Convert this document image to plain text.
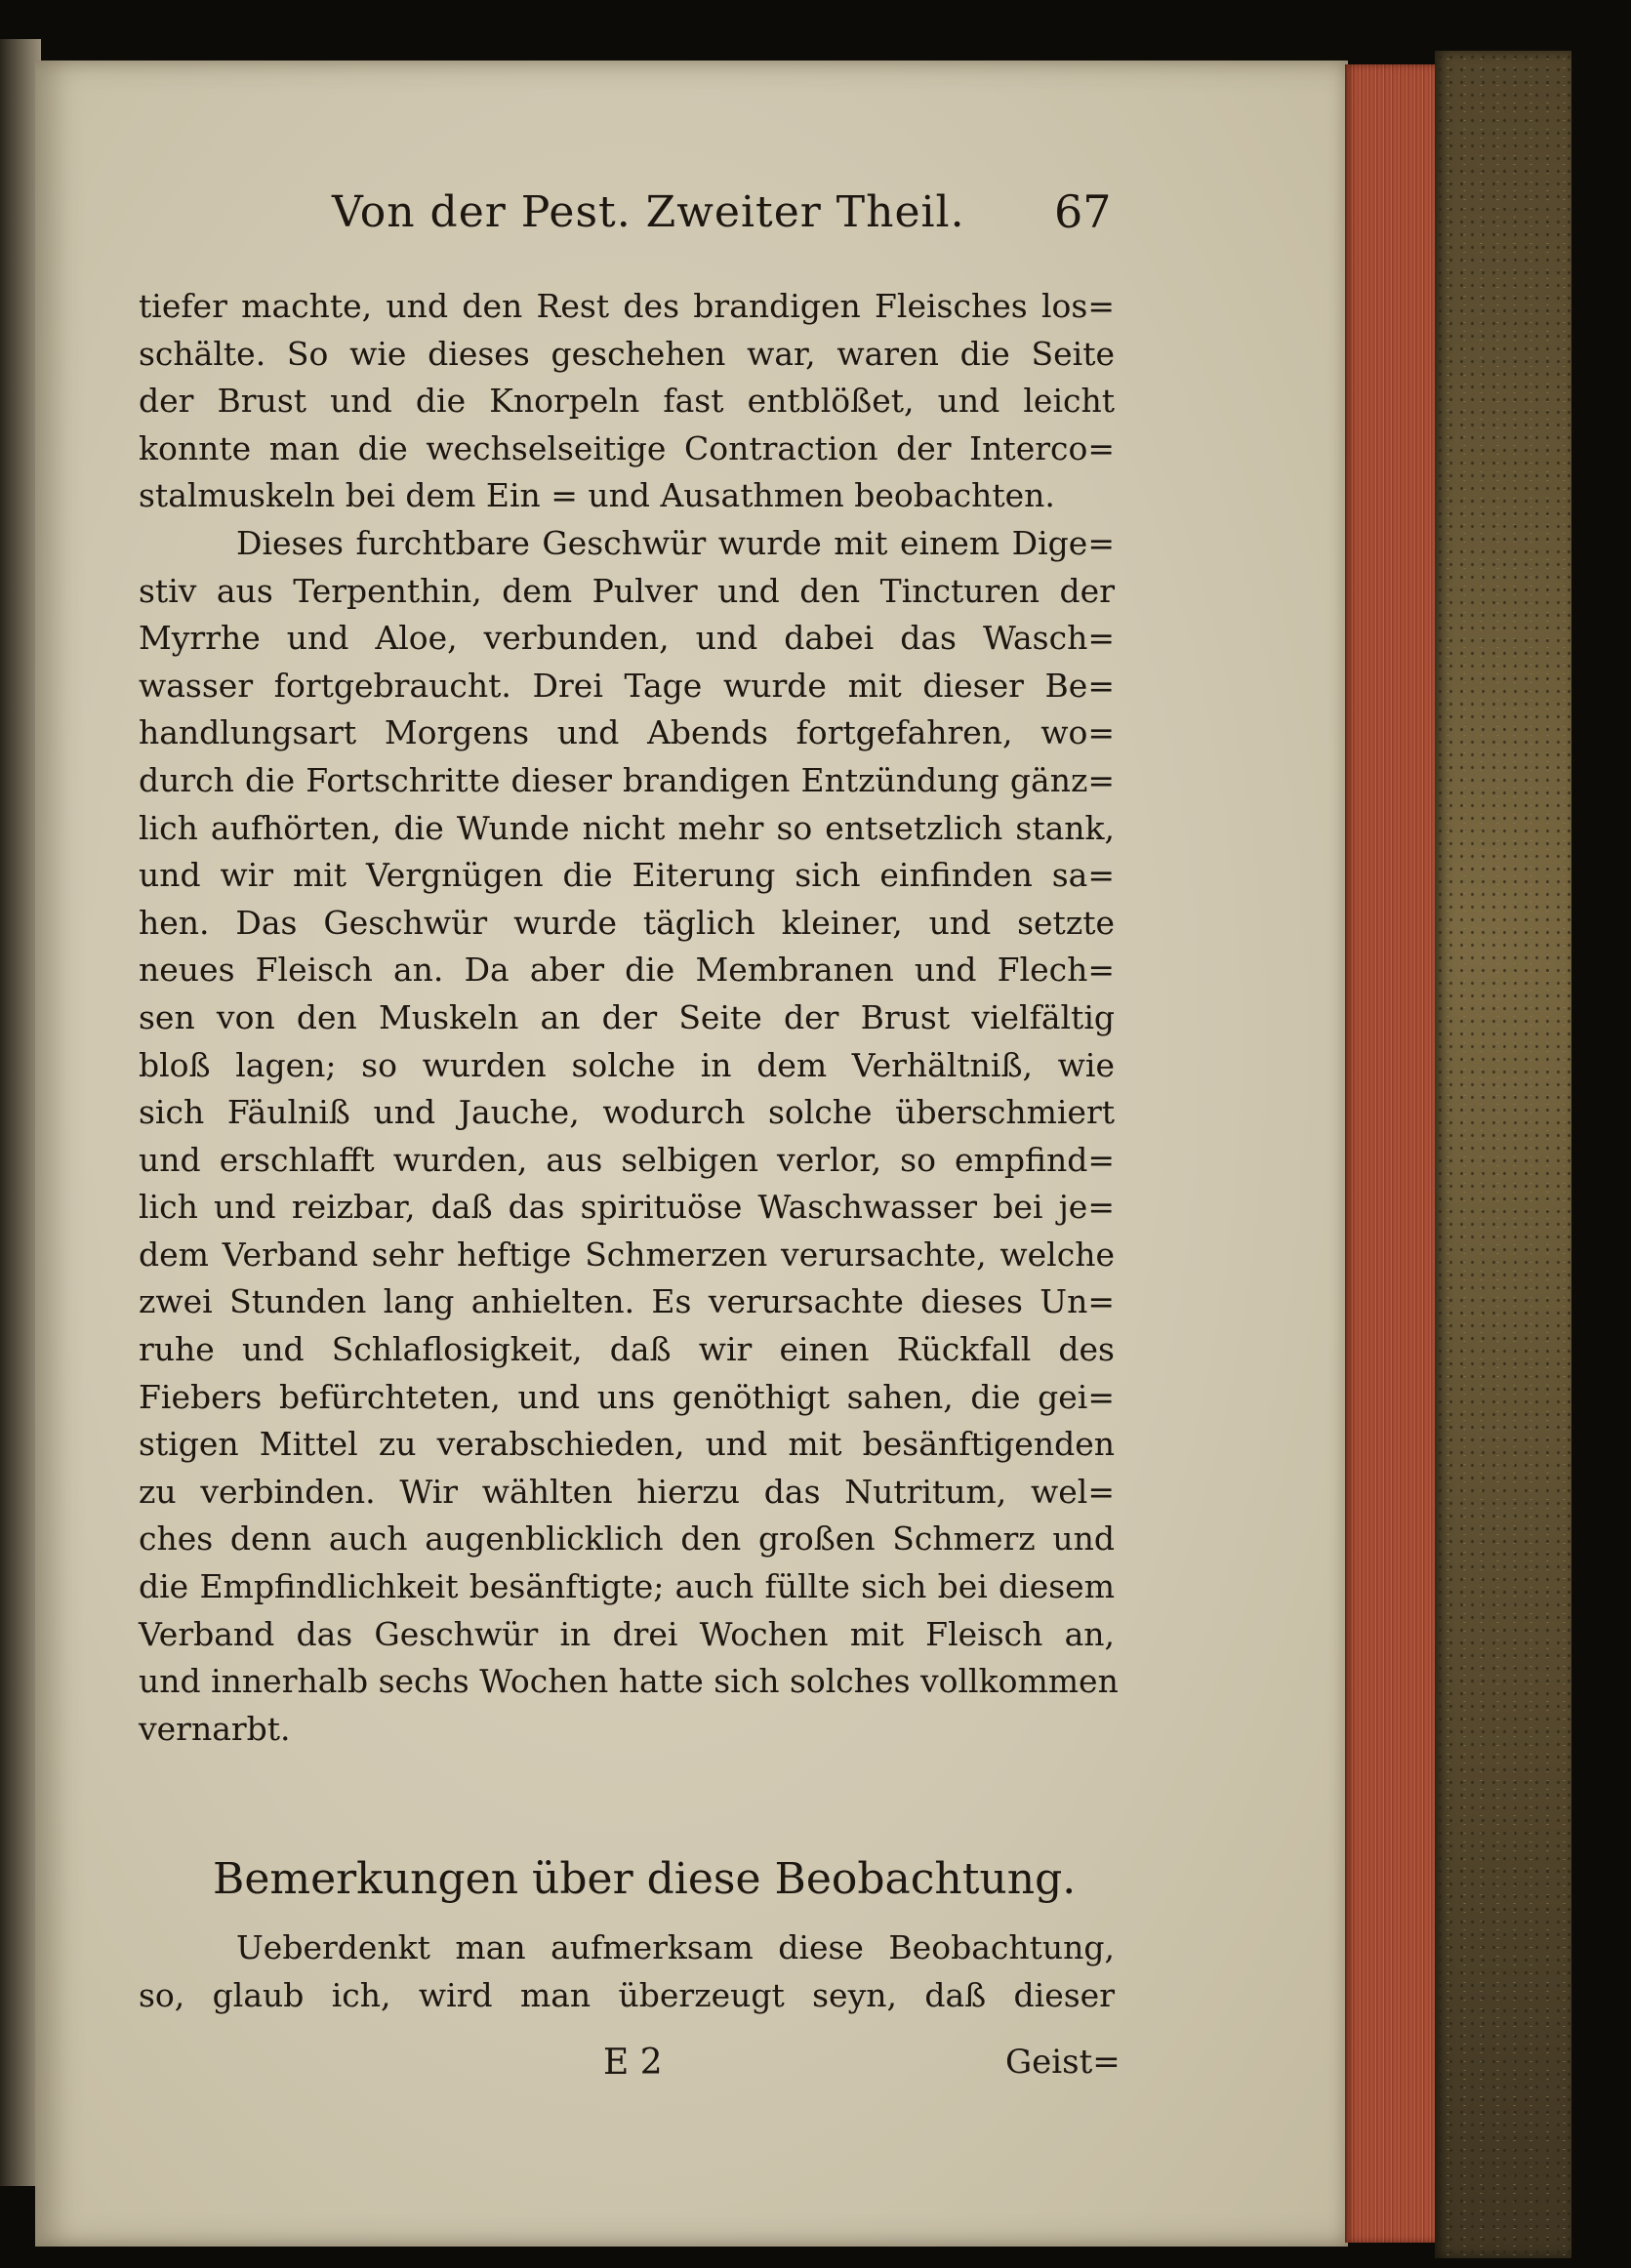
Von der Pest. Zweiter Theil. 67
tiefer machte, und den Rest des brandigen Fleisches los=
schälte. So wie dieses geschehen war, waren die Seite
der Brust und die Knorpeln fast entblößet, und leicht
konnte man die wechselseitige Contraction der Interco=
stalmuskeln bei dem Ein = und Ausathmen beobachten.
Dieses furchtbare Geschwür wurde mit einem Dige=
stiv aus Terpenthin, dem Pulver und den Tincturen der
Myrrhe und Aloe, verbunden, und dabei das Wasch=
wasser fortgebraucht. Drei Tage wurde mit dieser Be=
handlungsart Morgens und Abends fortgefahren, wo=
durch die Fortschritte dieser brandigen Entzündung gänz=
lich aufhörten, die Wunde nicht mehr so entsetzlich stank,
und wir mit Vergnügen die Eiterung sich einfinden sa=
hen. Das Geschwür wurde täglich kleiner, und setzte
neues Fleisch an. Da aber die Membranen und Flech=
sen von den Muskeln an der Seite der Brust vielfältig
bloß lagen; so wurden solche in dem Verhältniß, wie
sich Fäulniß und Jauche, wodurch solche überschmiert
und erschlafft wurden, aus selbigen verlor, so empfind=
lich und reizbar, daß das spirituöse Waschwasser bei je=
dem Verband sehr heftige Schmerzen verursachte, welche
zwei Stunden lang anhielten. Es verursachte dieses Un=
ruhe und Schlaflosigkeit, daß wir einen Rückfall des
Fiebers befürchteten, und uns genöthigt sahen, die gei=
stigen Mittel zu verabschieden, und mit besänftigenden
zu verbinden. Wir wählten hierzu das Nutritum, wel=
ches denn auch augenblicklich den großen Schmerz und
die Empfindlichkeit besänftigte; auch füllte sich bei diesem
Verband das Geschwür in drei Wochen mit Fleisch an,
und innerhalb sechs Wochen hatte sich solches vollkommen
vernarbt.
Bemerkungen über diese Beobachtung.
Ueberdenkt man aufmerksam diese Beobachtung,
so, glaub ich, wird man überzeugt seyn, daß dieser
E 2	Geist=
